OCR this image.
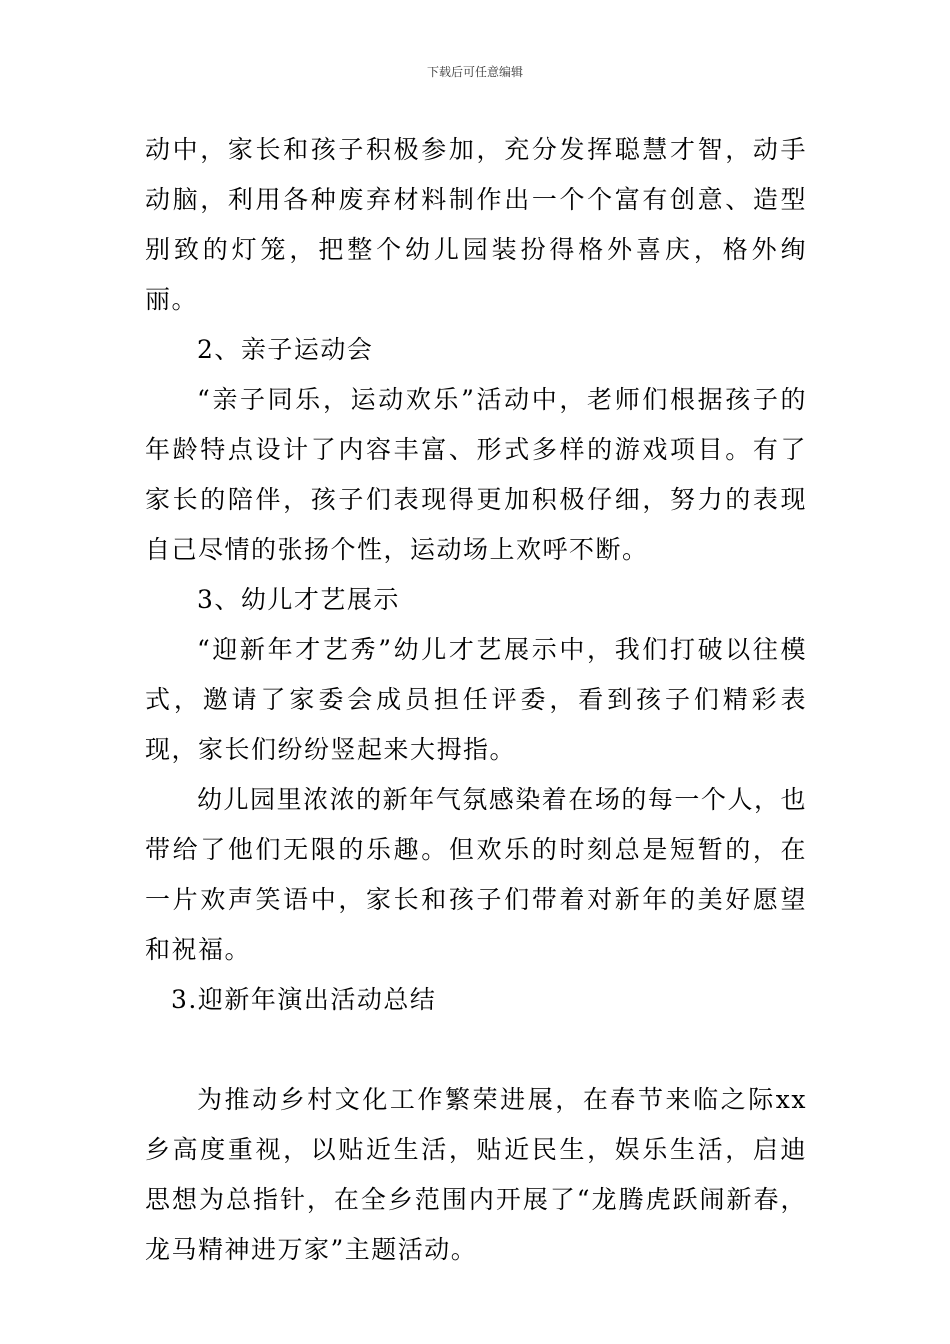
下载后可任意编辑

动中，家长和孩子积极参加，充分发挥聪慧才智，动手动脑，利用各种废弃材料制作出一个个富有创意、造型别致的灯笼，把整个幼儿园装扮得格外喜庆，格外绚丽。

2、亲子运动会

“亲子同乐，运动欢乐”活动中，老师们根据孩子的年龄特点设计了内容丰富、形式多样的游戏项目。有了家长的陪伴，孩子们表现得更加积极仔细，努力的表现自己尽情的张扬个性，运动场上欢呼不断。

3、幼儿才艺展示

“迎新年才艺秀”幼儿才艺展示中，我们打破以往模式，邀请了家委会成员担任评委，看到孩子们精彩表现，家长们纷纷竖起来大拇指。

幼儿园里浓浓的新年气氛感染着在场的每一个人，也带给了他们无限的乐趣。但欢乐的时刻总是短暂的，在一片欢声笑语中，家长和孩子们带着对新年的美好愿望和祝福。

3.迎新年演出活动总结

为推动乡村文化工作繁荣进展，在春节来临之际xx乡高度重视，以贴近生活，贴近民生，娱乐生活，启迪思想为总指针，在全乡范围内开展了“龙腾虎跃闹新春，龙马精神进万家”主题活动。
